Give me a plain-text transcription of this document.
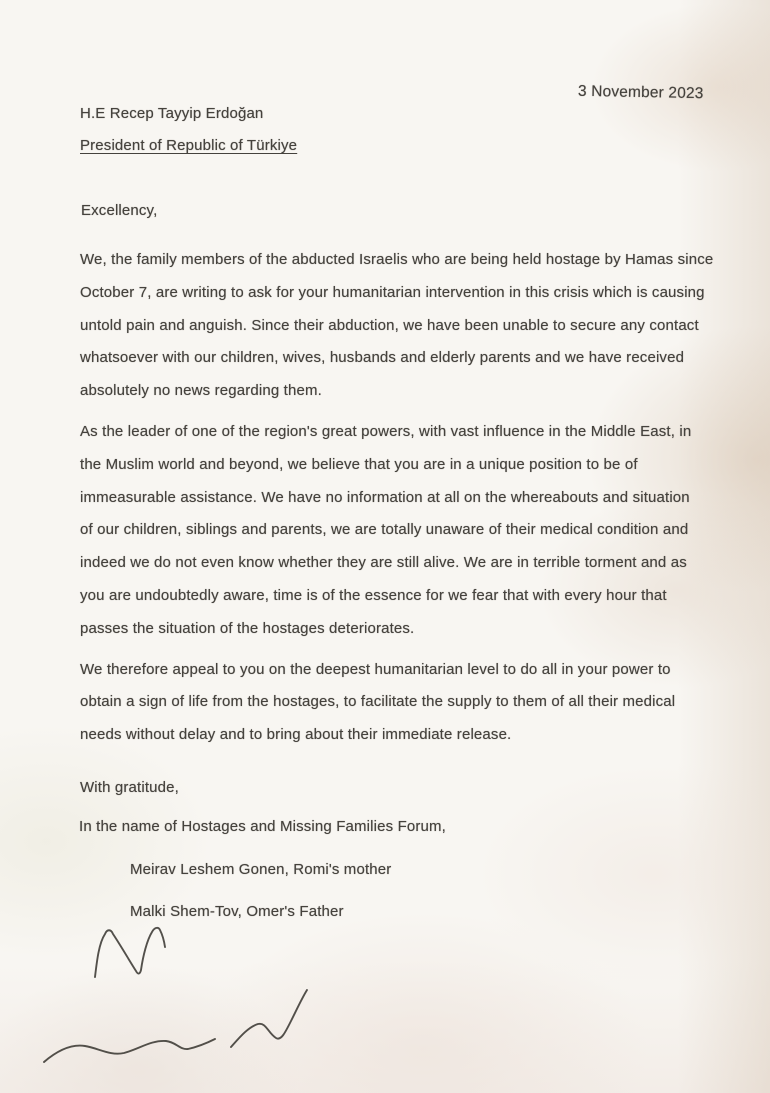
3 November 2023
H.E Recep Tayyip Erdoğan
President of Republic of Türkiye
Excellency,
We, the family members of the abducted Israelis who are being held hostage by Hamas since
October 7, are writing to ask for your humanitarian intervention in this crisis which is causing
untold pain and anguish. Since their abduction, we have been unable to secure any contact
whatsoever with our children, wives, husbands and elderly parents and we have received
absolutely no news regarding them.
As the leader of one of the region's great powers, with vast influence in the Middle East, in
the Muslim world and beyond, we believe that you are in a unique position to be of
immeasurable assistance. We have no information at all on the whereabouts and situation
of our children, siblings and parents, we are totally unaware of their medical condition and
indeed we do not even know whether they are still alive. We are in terrible torment and as
you are undoubtedly aware, time is of the essence for we fear that with every hour that
passes the situation of the hostages deteriorates.
We therefore appeal to you on the deepest humanitarian level to do all in your power to
obtain a sign of life from the hostages, to facilitate the supply to them of all their medical
needs without delay and to bring about their immediate release.
With gratitude,
In the name of Hostages and Missing Families Forum,
Meirav Leshem Gonen, Romi's mother
Malki Shem-Tov, Omer's Father
